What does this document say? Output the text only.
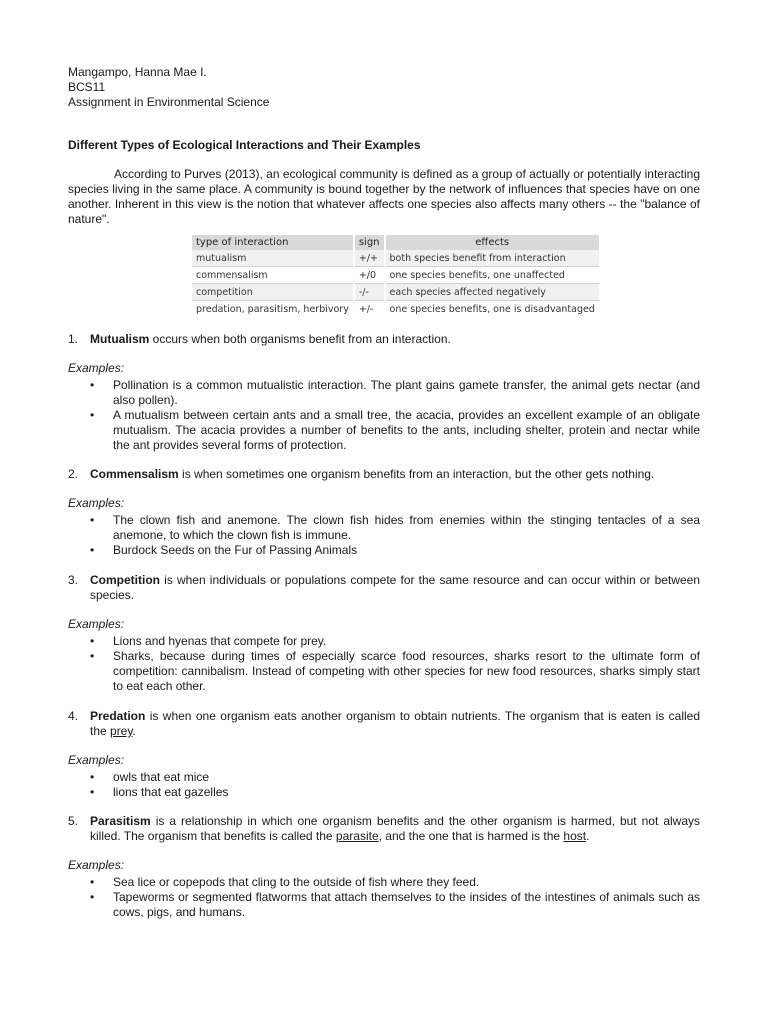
Mangampo, Hanna Mae I.
BCS11
Assignment in Environmental Science
Different Types of Ecological Interactions and Their Examples
According to Purves (2013), an ecological community is defined as a group of actually or potentially interacting species living in the same place. A community is bound together by the network of influences that species have on one another. Inherent in this view is the notion that whatever affects one species also affects many others -- the "balance of nature".
type of interaction	sign	effects
mutualism	+/+	both species benefit from interaction
commensalism	+/0	one species benefits, one unaffected
competition	-/-	each species affected negatively
predation, parasitism, herbivory	+/-	one species benefits, one is disadvantaged
1. Mutualism occurs when both organisms benefit from an interaction.
Examples:
• Pollination is a common mutualistic interaction. The plant gains gamete transfer, the animal gets nectar (and also pollen).
• A mutualism between certain ants and a small tree, the acacia, provides an excellent example of an obligate mutualism. The acacia provides a number of benefits to the ants, including shelter, protein and nectar while the ant provides several forms of protection.
2. Commensalism is when sometimes one organism benefits from an interaction, but the other gets nothing.
Examples:
• The clown fish and anemone. The clown fish hides from enemies within the stinging tentacles of a sea anemone, to which the clown fish is immune.
• Burdock Seeds on the Fur of Passing Animals
3. Competition is when individuals or populations compete for the same resource and can occur within or between species.
Examples:
• Lions and hyenas that compete for prey.
• Sharks, because during times of especially scarce food resources, sharks resort to the ultimate form of competition: cannibalism. Instead of competing with other species for new food resources, sharks simply start to eat each other.
4. Predation is when one organism eats another organism to obtain nutrients. The organism that is eaten is called the prey.
Examples:
• owls that eat mice
• lions that eat gazelles
5. Parasitism is a relationship in which one organism benefits and the other organism is harmed, but not always killed. The organism that benefits is called the parasite, and the one that is harmed is the host.
Examples:
• Sea lice or copepods that cling to the outside of fish where they feed.
• Tapeworms or segmented flatworms that attach themselves to the insides of the intestines of animals such as cows, pigs, and humans.
